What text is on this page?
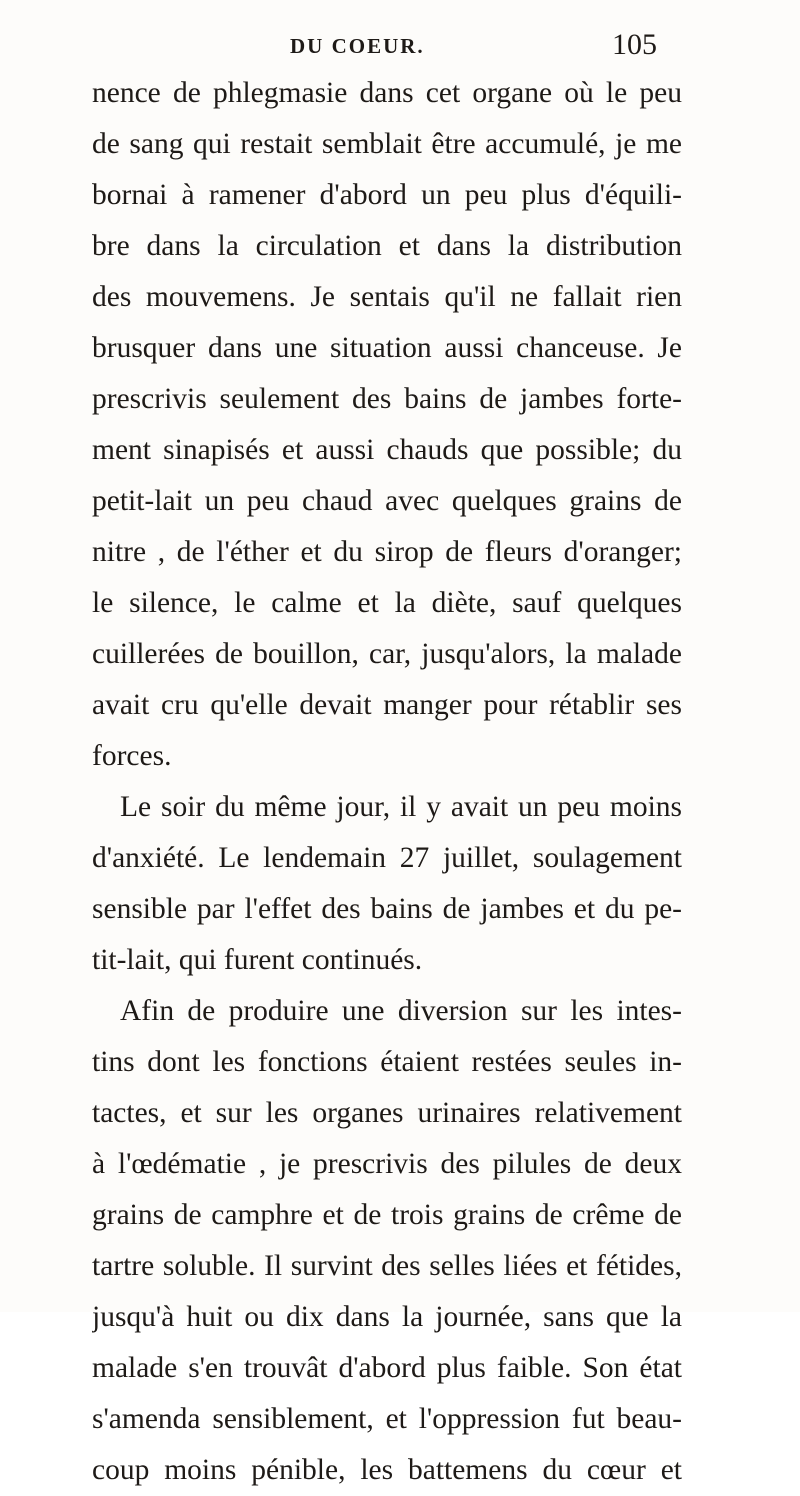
DU COEUR.	105
nence de phlegmasie dans cet organe où le peu
de sang qui restait semblait être accumulé, je me
bornai à ramener d'abord un peu plus d'équili-
bre dans la circulation et dans la distribution
des mouvemens. Je sentais qu'il ne fallait rien
brusquer dans une situation aussi chanceuse. Je
prescrivis seulement des bains de jambes forte-
ment sinapisés et aussi chauds que possible; du
petit-lait un peu chaud avec quelques grains de
nitre , de l'éther et du sirop de fleurs d'oranger;
le silence, le calme et la diète, sauf quelques
cuillerées de bouillon, car, jusqu'alors, la malade
avait cru qu'elle devait manger pour rétablir ses
forces.
Le soir du même jour, il y avait un peu moins
d'anxiété. Le lendemain 27 juillet, soulagement
sensible par l'effet des bains de jambes et du pe-
tit-lait, qui furent continués.
Afin de produire une diversion sur les intes-
tins dont les fonctions étaient restées seules in-
tactes, et sur les organes urinaires relativement
à l'œdématie , je prescrivis des pilules de deux
grains de camphre et de trois grains de crême de
tartre soluble. Il survint des selles liées et fétides,
jusqu'à huit ou dix dans la journée, sans que la
malade s'en trouvât d'abord plus faible. Son état
s'amenda sensiblement, et l'oppression fut beau-
coup moins pénible, les battemens du cœur et
